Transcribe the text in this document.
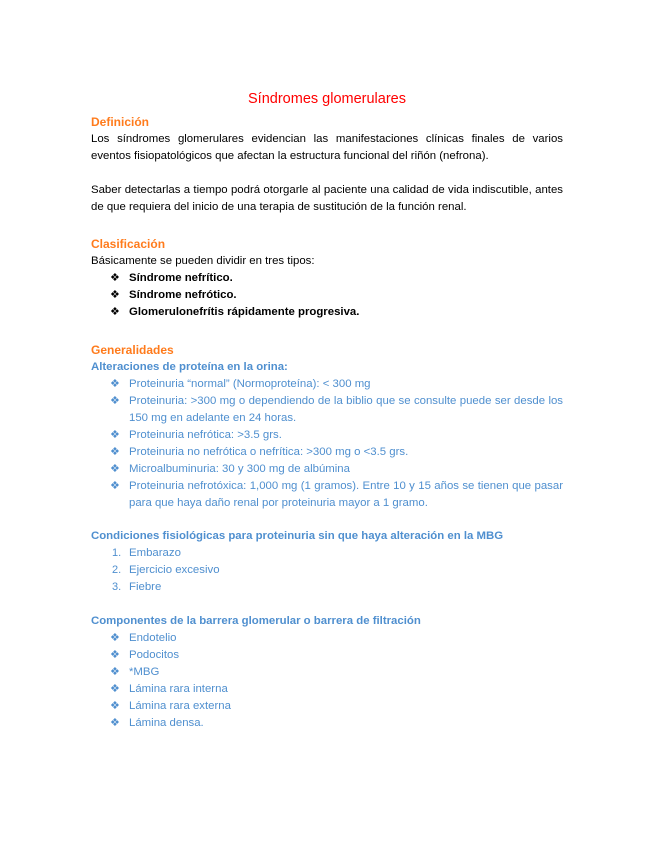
Síndromes glomerulares
Definición
Los síndromes glomerulares evidencian las manifestaciones clínicas finales de varios eventos fisiopatológicos que afectan la estructura funcional del riñón (nefrona).
Saber detectarlas a tiempo podrá otorgarle al paciente una calidad de vida indiscutible, antes de que requiera del inicio de una terapia de sustitución de la función renal.
Clasificación
Básicamente se pueden dividir en tres tipos:
❖ Síndrome nefrítico.
❖ Síndrome nefrótico.
❖ Glomerulonefrítis rápidamente progresiva.
Generalidades
Alteraciones de proteína en la orina:
❖ Proteinuria “normal” (Normoproteína): < 300 mg
❖ Proteinuria: >300 mg o dependiendo de la biblio que se consulte puede ser desde los 150 mg en adelante en 24 horas.
❖ Proteinuria nefrótica: >3.5 grs.
❖ Proteinuria no nefrótica o nefrítica: >300 mg o <3.5 grs.
❖ Microalbuminuria: 30 y 300 mg de albúmina
❖ Proteinuria nefrotóxica: 1,000 mg (1 gramos). Entre 10 y 15 años se tienen que pasar para que haya daño renal por proteinuria mayor a 1 gramo.
Condiciones fisiológicas para proteinuria sin que haya alteración en la MBG
1. Embarazo
2. Ejercicio excesivo
3. Fiebre
Componentes de la barrera glomerular o barrera de filtración
❖ Endotelio
❖ Podocitos
❖ *MBG
❖ Lámina rara interna
❖ Lámina rara externa
❖ Lámina densa.
